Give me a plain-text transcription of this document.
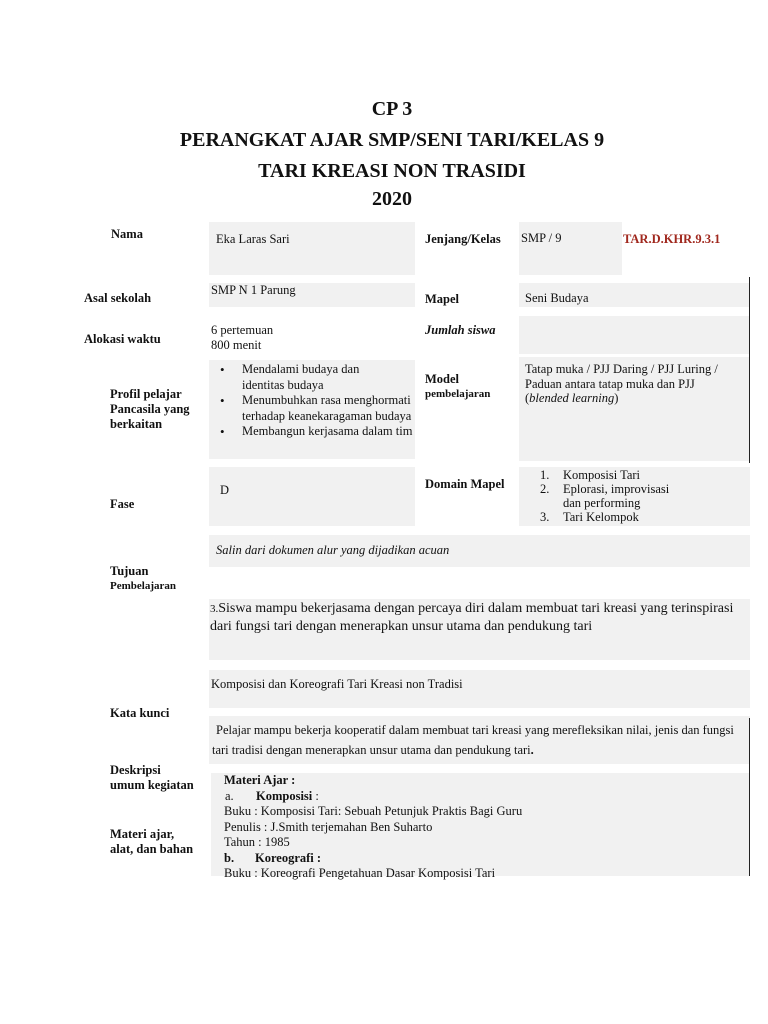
CP 3
PERANGKAT AJAR SMP/SENI TARI/KELAS 9
TARI KREASI NON TRASIDI
2020
Nama
Asal sekolah
Alokasi waktu
Profil pelajar
Pancasila yang
berkaitan
Fase
Tujuan
Pembelajaran
Kata kunci
Deskripsi
umum kegiatan
Materi ajar,
alat, dan bahan
Jenjang/Kelas
Mapel
Jumlah siswa
Model
pembelajaran
Domain Mapel
Eka Laras Sari	SMP / 9	TAR.D.KHR.9.3.1
SMP N 1 Parung
Seni Budaya
6 pertemuan
800 menit
• Mendalami budaya dan
identitas budaya
• Menumbuhkan rasa menghormati
terhadap keanekaragaman budaya
• Membangun kerjasama dalam tim
Tatap muka / PJJ Daring / PJJ Luring /
Paduan antara tatap muka dan PJJ
(blended learning)
D
1. Komposisi Tari
2. Eplorasi, improvisasi
dan performing
3. Tari Kelompok
Salin dari dokumen alur yang dijadikan acuan
3.Siswa mampu bekerjasama dengan percaya diri dalam membuat tari kreasi yang terinspirasi
dari fungsi tari dengan menerapkan unsur utama dan pendukung tari
Komposisi dan Koreografi Tari Kreasi non Tradisi
Pelajar mampu bekerja kooperatif dalam membuat tari kreasi yang merefleksikan nilai, jenis dan fungsi
tari tradisi dengan menerapkan unsur utama dan pendukung tari.
Materi Ajar :
a. Komposisi :
Buku : Komposisi Tari: Sebuah Petunjuk Praktis Bagi Guru
Penulis : J.Smith terjemahan Ben Suharto
Tahun : 1985
b. Koreografi :
Buku : Koreografi Pengetahuan Dasar Komposisi Tari
